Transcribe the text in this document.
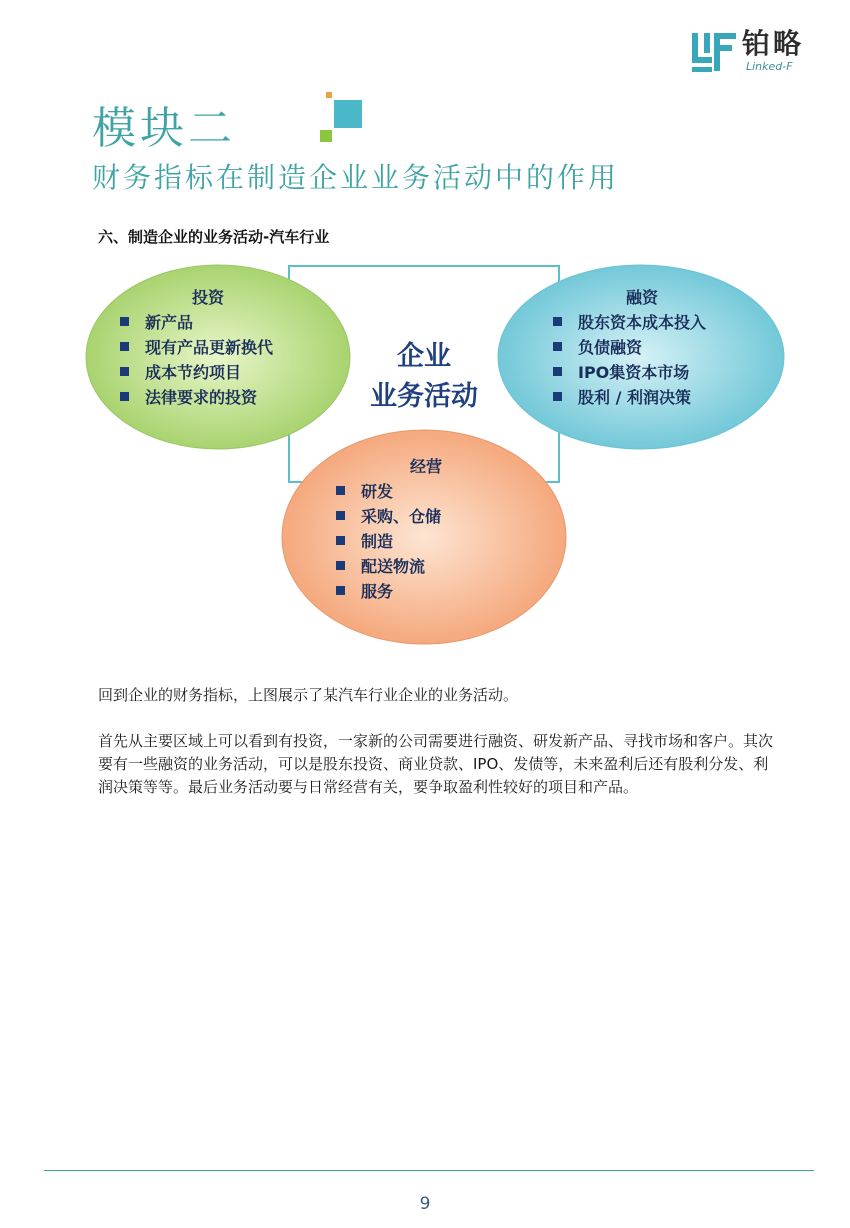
铂略
Linked-F
模块二
财务指标在制造企业业务活动中的作用
六、制造企业的业务活动-汽车行业
企业
业务活动
投资
新产品
现有产品更新换代
成本节约项目
法律要求的投资
融资
股东资本成本投入
负债融资
IPO集资本市场
股利 / 利润决策
经营
研发
采购、仓储
制造
配送物流
服务
回到企业的财务指标，上图展示了某汽车行业企业的业务活动。
首先从主要区域上可以看到有投资，一家新的公司需要进行融资、研发新产品、寻找市场和客户。其次要有一些融资的业务活动，可以是股东投资、商业贷款、IPO、发债等，未来盈利后还有股利分发、利润决策等等。最后业务活动要与日常经营有关，要争取盈利性较好的项目和产品。
9
